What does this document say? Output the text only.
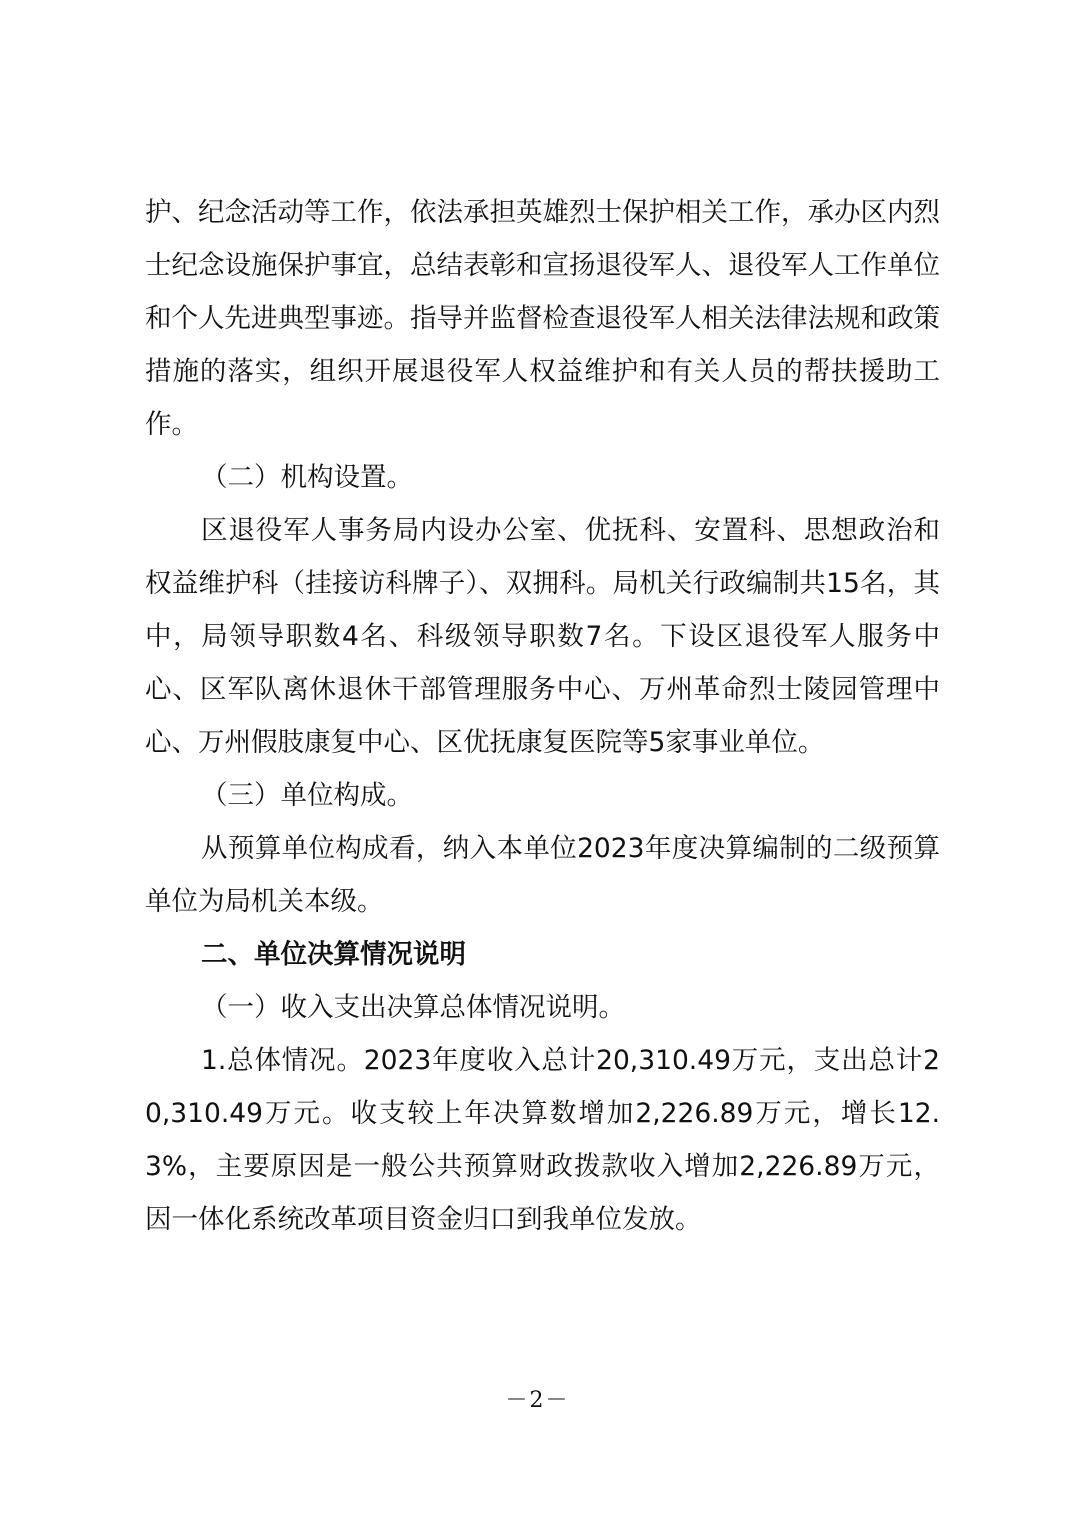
护、纪念活动等工作，依法承担英雄烈士保护相关工作，承办区内烈士纪念设施保护事宜，总结表彰和宣扬退役军人、退役军人工作单位和个人先进典型事迹。指导并监督检查退役军人相关法律法规和政策措施的落实，组织开展退役军人权益维护和有关人员的帮扶援助工作。

（二）机构设置。

区退役军人事务局内设办公室、优抚科、安置科、思想政治和权益维护科（挂接访科牌子）、双拥科。局机关行政编制共15名，其中，局领导职数4名、科级领导职数7名。下设区退役军人服务中心、区军队离休退休干部管理服务中心、万州革命烈士陵园管理中心、万州假肢康复中心、区优抚康复医院等5家事业单位。

（三）单位构成。

从预算单位构成看，纳入本单位2023年度决算编制的二级预算单位为局机关本级。

二、单位决算情况说明

（一）收入支出决算总体情况说明。

1.总体情况。2023年度收入总计20,310.49万元，支出总计20,310.49万元。收支较上年决算数增加2,226.89万元，增长12.3%，主要原因是一般公共预算财政拨款收入增加2,226.89万元，因一体化系统改革项目资金归口到我单位发放。

－2－
